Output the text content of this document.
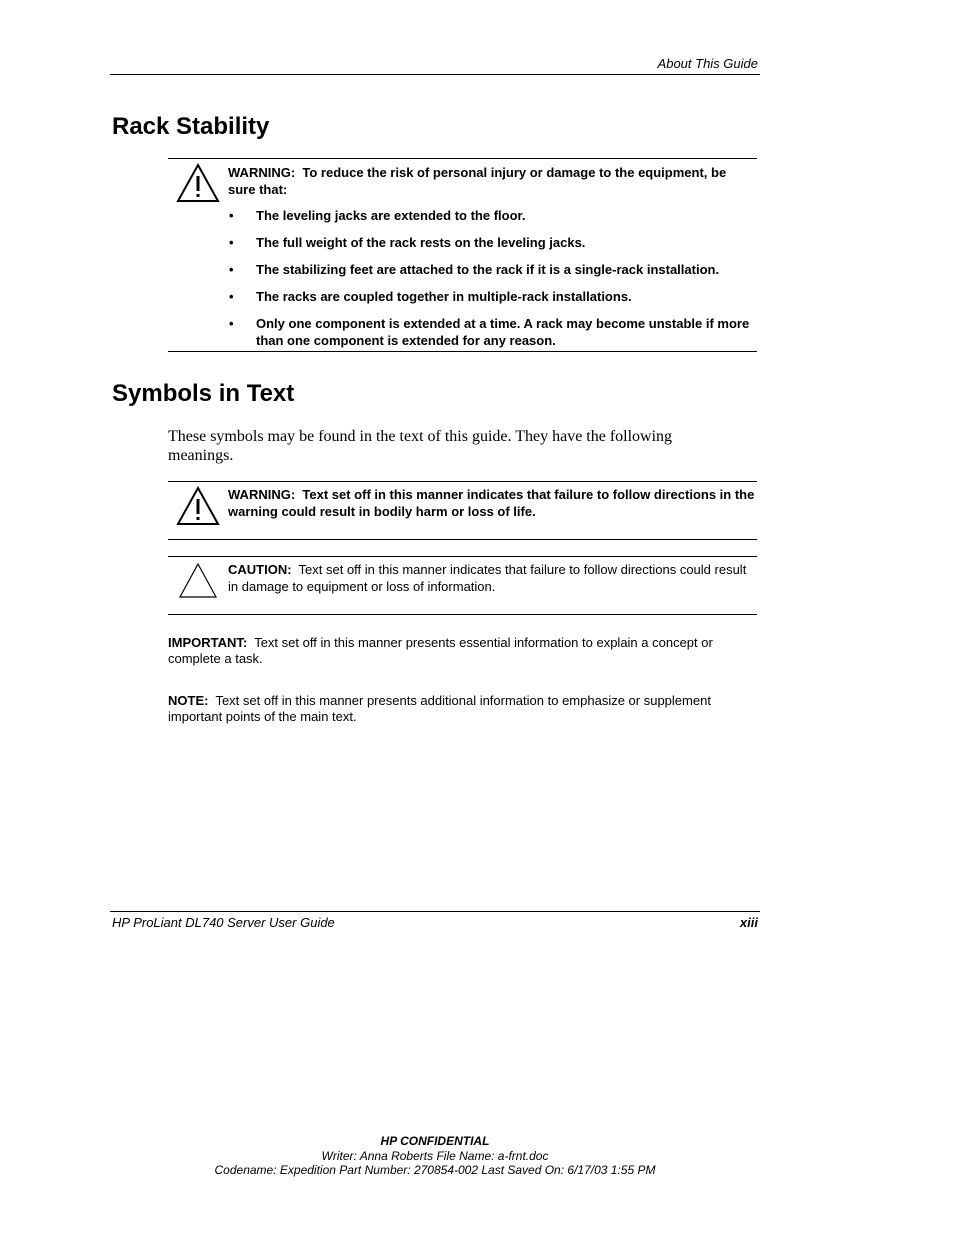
About This Guide
Rack Stability
WARNING: To reduce the risk of personal injury or damage to the equipment, be sure that:
• The leveling jacks are extended to the floor.
• The full weight of the rack rests on the leveling jacks.
• The stabilizing feet are attached to the rack if it is a single-rack installation.
• The racks are coupled together in multiple-rack installations.
• Only one component is extended at a time. A rack may become unstable if more than one component is extended for any reason.
Symbols in Text
These symbols may be found in the text of this guide. They have the following meanings.
WARNING: Text set off in this manner indicates that failure to follow directions in the warning could result in bodily harm or loss of life.
CAUTION: Text set off in this manner indicates that failure to follow directions could result in damage to equipment or loss of information.
IMPORTANT: Text set off in this manner presents essential information to explain a concept or complete a task.
NOTE: Text set off in this manner presents additional information to emphasize or supplement important points of the main text.
HP ProLiant DL740 Server User Guide	xiii
HP CONFIDENTIAL
Writer: Anna Roberts File Name: a-frnt.doc
Codename: Expedition Part Number: 270854-002 Last Saved On: 6/17/03 1:55 PM
